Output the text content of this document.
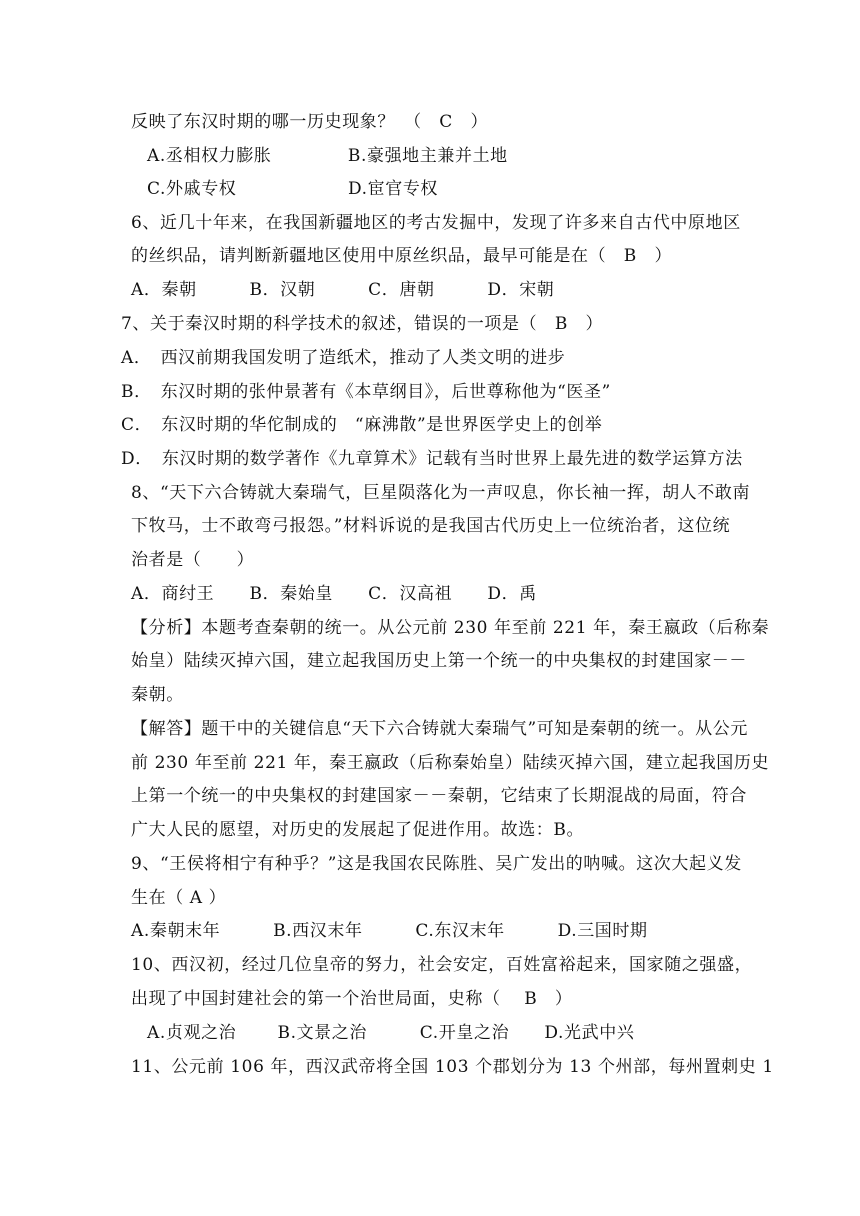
反映了东汉时期的哪一历史现象？　（　C　）
A.丞相权力膨胀　　　　 B.豪强地主兼并土地
C.外戚专权　　　　　　 D.宦官专权
6、近几十年来，在我国新疆地区的考古发掘中，发现了许多来自古代中原地区
的丝织品，请判断新疆地区使用中原丝织品，最早可能是在（　B　）
A．秦朝　　　B．汉朝　　　C．唐朝　　　D．宋朝
7、关于秦汉时期的科学技术的叙述，错误的一项是（　B　）
A．　西汉前期我国发明了造纸术，推动了人类文明的进步
B．　东汉时期的张仲景著有《本草纲目》，后世尊称他为“医圣”
C．　东汉时期的华佗制成的　“麻沸散”是世界医学史上的创举
D．　东汉时期的数学著作《九章算术》记载有当时世界上最先进的数学运算方法
8、“天下六合铸就大秦瑞气，巨星陨落化为一声叹息，你长袖一挥，胡人不敢南
下牧马，士不敢弯弓报怨。”材料诉说的是我国古代历史上一位统治者，这位统
治者是（　　）
A．商纣王　　B．秦始皇　　C．汉高祖　　D．禹
【分析】本题考查秦朝的统一。从公元前 230 年至前 221 年，秦王嬴政（后称秦
始皇）陆续灭掉六国，建立起我国历史上第一个统一的中央集权的封建国家－－
秦朝。
【解答】题干中的关键信息“天下六合铸就大秦瑞气”可知是秦朝的统一。从公元
前 230 年至前 221 年，秦王嬴政（后称秦始皇）陆续灭掉六国，建立起我国历史
上第一个统一的中央集权的封建国家－－秦朝，它结束了长期混战的局面，符合
广大人民的愿望，对历史的发展起了促进作用。故选：B。
9、“王侯将相宁有种乎？”这是我国农民陈胜、吴广发出的呐喊。这次大起义发
生在（ A ）
A.秦朝末年　　　B.西汉末年　　　C.东汉末年　　　D.三国时期
10、西汉初，经过几位皇帝的努力，社会安定，百姓富裕起来，国家随之强盛，
出现了中国封建社会的第一个治世局面，史称（　 B　）
A.贞观之治　　 B.文景之治　　　C.开皇之治　　D.光武中兴
11、公元前 106 年，西汉武帝将全国 103 个郡划分为 13 个州部，每州置刺史 1
